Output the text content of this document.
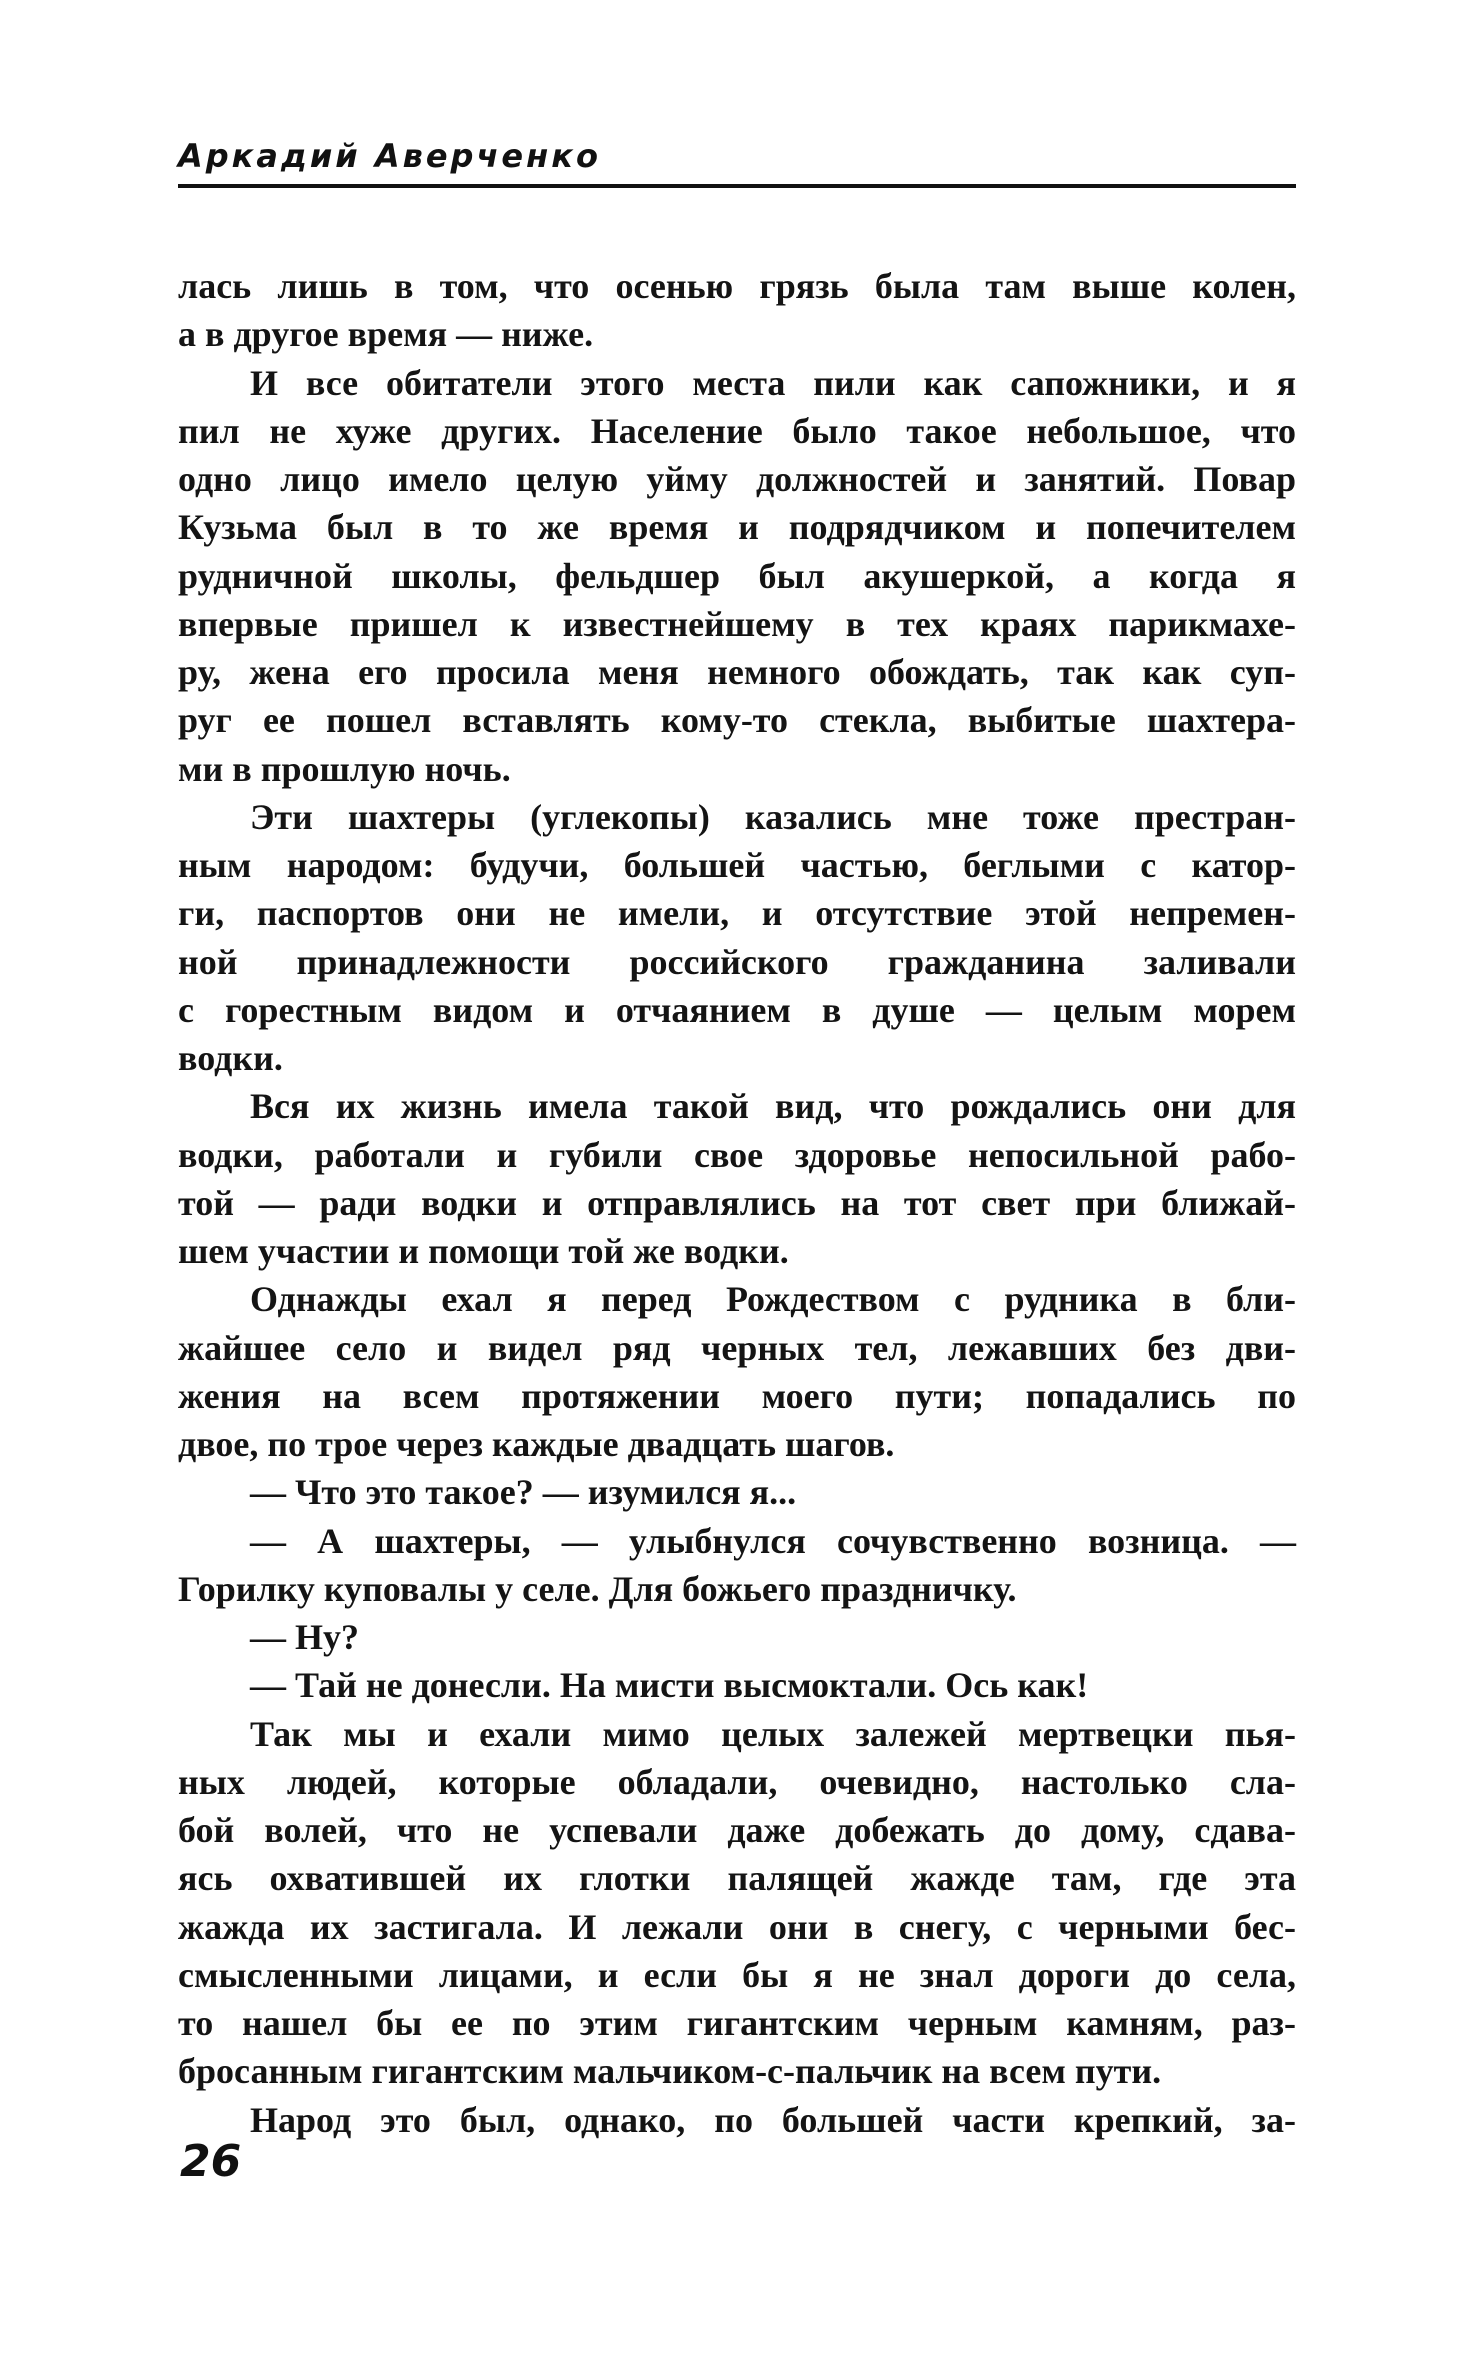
Аркадий Аверченко
лась лишь в том, что осенью грязь была там выше колен,
а в другое время — ниже.
И все обитатели этого места пили как сапожники, и я
пил не хуже других. Население было такое небольшое, что
одно лицо имело целую уйму должностей и занятий. Повар
Кузьма был в то же время и подрядчиком и попечителем
рудничной школы, фельдшер был акушеркой, а когда я
впервые пришел к известнейшему в тех краях парикмахе-
ру, жена его просила меня немного обождать, так как суп-
руг ее пошел вставлять кому-то стекла, выбитые шахтера-
ми в прошлую ночь.
Эти шахтеры (углекопы) казались мне тоже престран-
ным народом: будучи, большей частью, беглыми с катор-
ги, паспортов они не имели, и отсутствие этой непремен-
ной принадлежности российского гражданина заливали
с горестным видом и отчаянием в душе — целым морем
водки.
Вся их жизнь имела такой вид, что рождались они для
водки, работали и губили свое здоровье непосильной рабо-
той — ради водки и отправлялись на тот свет при ближай-
шем участии и помощи той же водки.
Однажды ехал я перед Рождеством с рудника в бли-
жайшее село и видел ряд черных тел, лежавших без дви-
жения на всем протяжении моего пути; попадались по
двое, по трое через каждые двадцать шагов.
— Что это такое? — изумился я...
— А шахтеры, — улыбнулся сочувственно возница. —
Горилку куповалы у селе. Для божьего праздничку.
— Ну?
— Тай не донесли. На мисти высмоктали. Ось как!
Так мы и ехали мимо целых залежей мертвецки пья-
ных людей, которые обладали, очевидно, настолько сла-
бой волей, что не успевали даже добежать до дому, сдава-
ясь охватившей их глотки палящей жажде там, где эта
жажда их застигала. И лежали они в снегу, с черными бес-
смысленными лицами, и если бы я не знал дороги до села,
то нашел бы ее по этим гигантским черным камням, раз-
бросанным гигантским мальчиком-с-пальчик на всем пути.
Народ это был, однако, по большей части крепкий, за-
26
